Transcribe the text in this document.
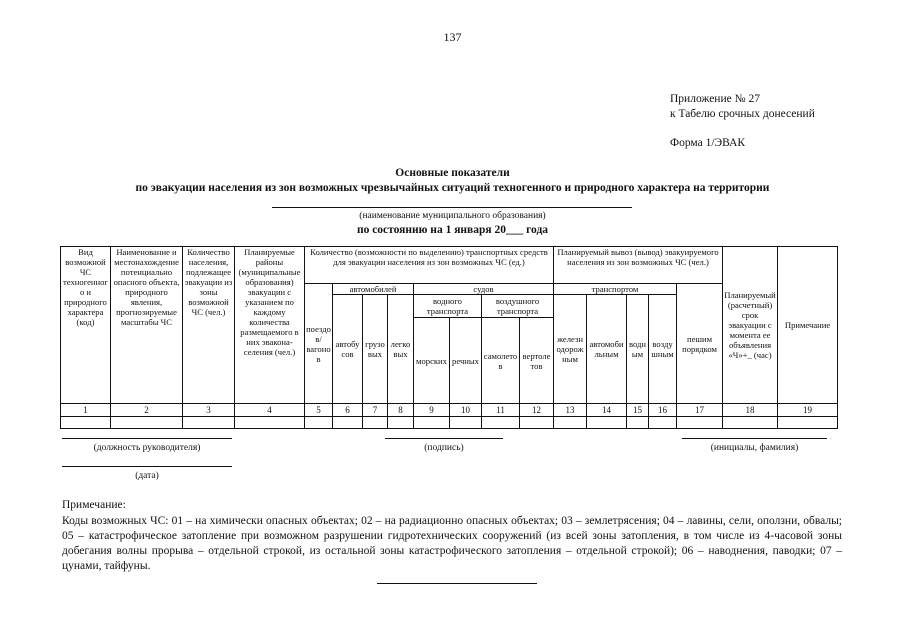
137
Приложение № 27
к Табелю срочных донесений
Форма 1/ЭВАК
Основные показатели
по эвакуации населения из зон возможных чрезвычайных ситуаций техногенного и природного характера на территории
(наименование муниципального образования)
по состоянию на 1 января 20___ года
Вид возможной ЧС техногенного и природного характера (код)	Наименование и местонахождение потенциально опасного объекта, природного явления, прогнозируемые масштабы ЧС	Количество населения, подлежащее эвакуации из зоны возможной ЧС (чел.)	Планируемые районы (муниципальные образования) эвакуации с указанием по каждому количества размещаемого в них эваконаселения (чел.)	Количество (возможности по выделению) транспортных средств для эвакуации населения из зон возможных ЧС (ед.)								Планируемый вывоз (вывод) эвакуируемого населения из зон возможных ЧС (чел.)					Планируемый (расчетный) срок эвакуации с момента ее объявления «Ч»+_ (час)	Примечание
				поездов/вагонов	автомобилей			судов				транспортом				пешим порядком		
					автобусов	грузовых	легковых	водного транспорта		воздушного транспорта		железнодорожным	автомобильным	водным	воздушным			

								морских	речных	самолетов	вертолетов							
1	2	3	4	5	6	7	8	9	10	11	12	13	14	15	16	17	18	19

(должность руководителя)	(подпись)	(инициалы, фамилия)
(дата)
Примечание:
Коды возможных ЧС: 01 – на химически опасных объектах; 02 – на радиационно опасных объектах; 03 – землетрясения; 04 – лавины, сели, оползни, обвалы; 05 – катастрофическое затопление при возможном разрушении гидротехнических сооружений (из всей зоны затопления, в том числе из 4-часовой зоны добегания волны прорыва – отдельной строкой, из остальной зоны катастрофического затопления – отдельной строкой); 06 – наводнения, паводки; 07 – цунами, тайфуны.
